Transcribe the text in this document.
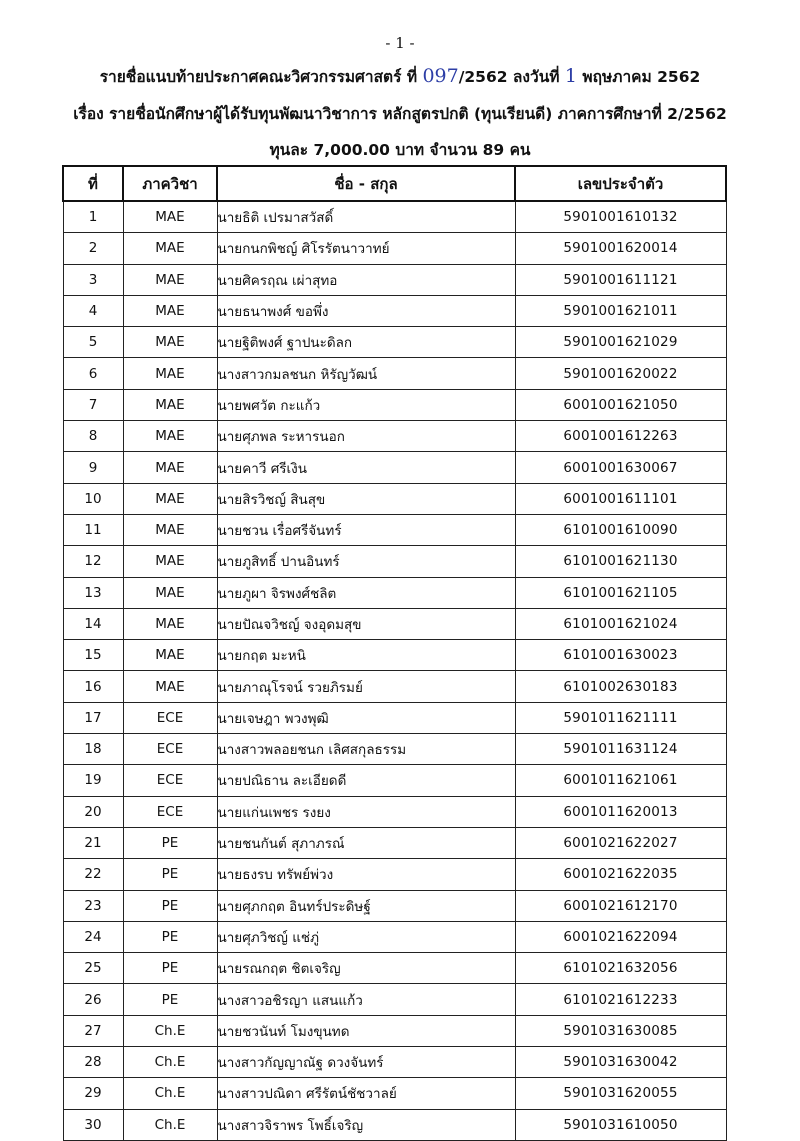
- 1 -
รายชื่อแนบท้ายประกาศคณะวิศวกรรมศาสตร์ ที่ 097/2562 ลงวันที่ 1 พฤษภาคม 2562
เรื่อง รายชื่อนักศึกษาผู้ได้รับทุนพัฒนาวิชาการ หลักสูตรปกติ (ทุนเรียนดี) ภาคการศึกษาที่ 2/2562
ทุนละ 7,000.00 บาท จำนวน 89 คน
ที่	ภาควิชา	ชื่อ - สกุล	เลขประจำตัว
1	MAE	นายธิติ เปรมาสวัสดิ์	5901001610132
2	MAE	นายกนกพิชญ์ ศิโรรัตนาวาทย์	5901001620014
3	MAE	นายศิครฤณ เผ่าสุทอ	5901001611121
4	MAE	นายธนาพงศ์ ขอพึ่ง	5901001621011
5	MAE	นายฐิติพงศ์ ฐาปนะดิลก	5901001621029
6	MAE	นางสาวกมลชนก หิรัญวัฒน์	5901001620022
7	MAE	นายพศวัต กะแก้ว	6001001621050
8	MAE	นายศุภพล ระหารนอก	6001001612263
9	MAE	นายคาวี ศรีเงิน	6001001630067
10	MAE	นายสิรวิชญ์ สินสุข	6001001611101
11	MAE	นายชวน เรื่อศรีจันทร์	6101001610090
12	MAE	นายภูสิทธิ์ ปานอินทร์	6101001621130
13	MAE	นายภูผา จิรพงศ์ชลิต	6101001621105
14	MAE	นายปัณจวิชญ์ จงอุดมสุข	6101001621024
15	MAE	นายกฤต มะหนิ	6101001630023
16	MAE	นายภาณุโรจน์ รวยภิรมย์	6101002630183
17	ECE	นายเจษฎา พวงพุฒิ	5901011621111
18	ECE	นางสาวพลอยชนก เลิศสกุลธรรม	5901011631124
19	ECE	นายปณิธาน ละเอียดดี	6001011621061
20	ECE	นายแก่นเพชร รงยง	6001011620013
21	PE	นายชนกันต์ สุภาภรณ์	6001021622027
22	PE	นายธงรบ ทรัพย์พ่วง	6001021622035
23	PE	นายศุภกฤต อินทร์ประดิษฐ์	6001021612170
24	PE	นายศุภวิชญ์ แช่ภู่	6001021622094
25	PE	นายรณกฤต ชิตเจริญ	6101021632056
26	PE	นางสาวอชิรญา แสนแก้ว	6101021612233
27	Ch.E	นายชวนันท์ โมงขุนทด	5901031630085
28	Ch.E	นางสาวกัญญาณัฐ ดวงจันทร์	5901031630042
29	Ch.E	นางสาวปณิดา ศรีรัตน์ชัชวาลย์	5901031620055
30	Ch.E	นางสาวจิราพร โพธิ์เจริญ	5901031610050
